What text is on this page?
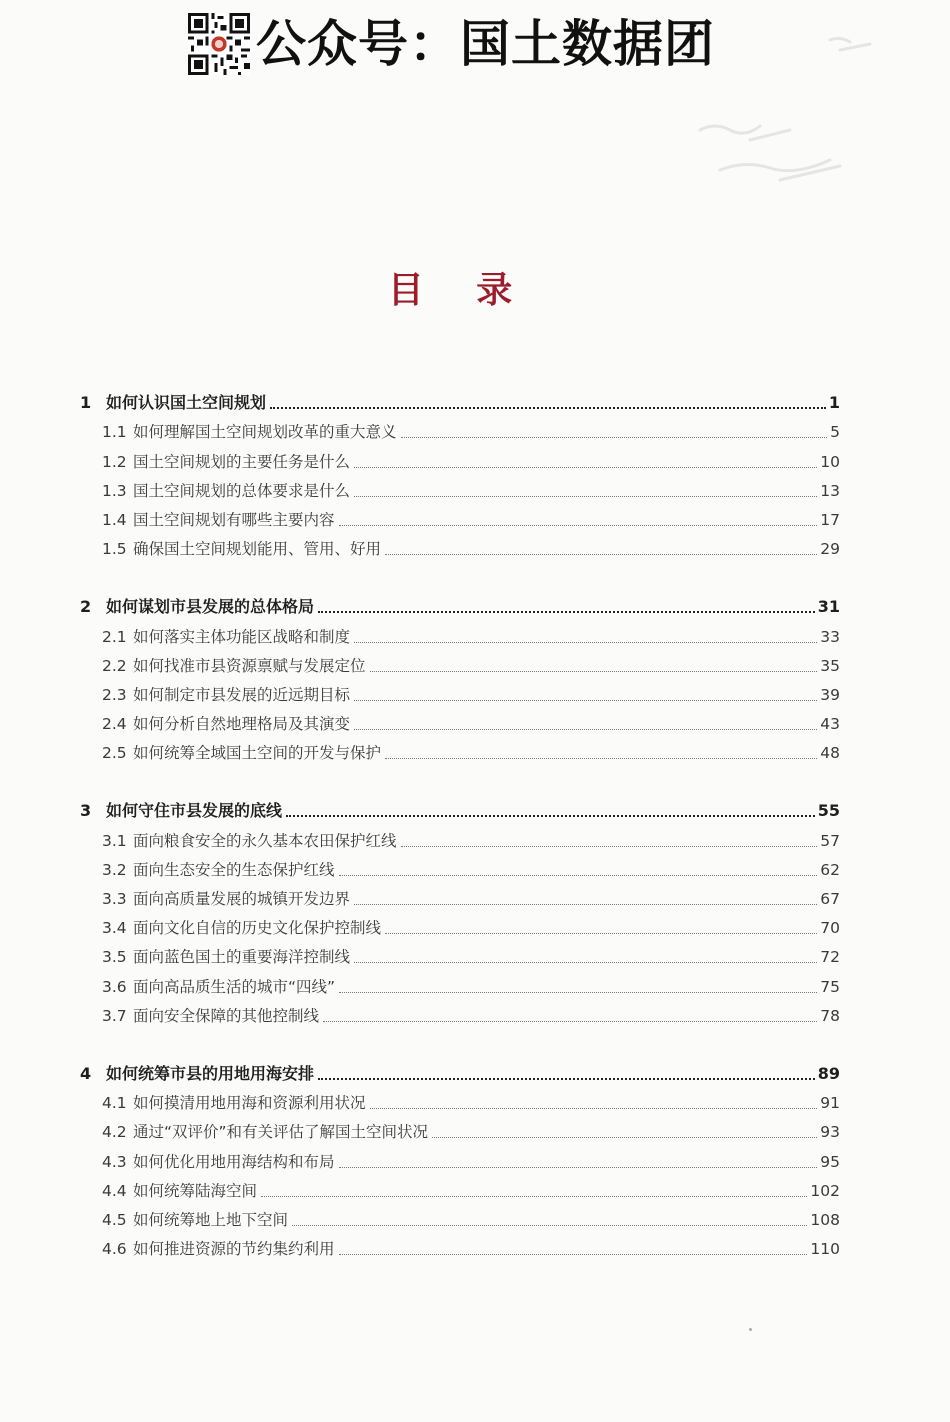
公众号：国土数据团
目 录
1 如何认识国土空间规划	1
1.1 如何理解国土空间规划改革的重大意义	5
1.2 国土空间规划的主要任务是什么	10
1.3 国土空间规划的总体要求是什么	13
1.4 国土空间规划有哪些主要内容	17
1.5 确保国土空间规划能用、管用、好用	29
2 如何谋划市县发展的总体格局	31
2.1 如何落实主体功能区战略和制度	33
2.2 如何找准市县资源禀赋与发展定位	35
2.3 如何制定市县发展的近远期目标	39
2.4 如何分析自然地理格局及其演变	43
2.5 如何统筹全域国土空间的开发与保护	48
3 如何守住市县发展的底线	55
3.1 面向粮食安全的永久基本农田保护红线	57
3.2 面向生态安全的生态保护红线	62
3.3 面向高质量发展的城镇开发边界	67
3.4 面向文化自信的历史文化保护控制线	70
3.5 面向蓝色国土的重要海洋控制线	72
3.6 面向高品质生活的城市“四线”	75
3.7 面向安全保障的其他控制线	78
4 如何统筹市县的用地用海安排	89
4.1 如何摸清用地用海和资源利用状况	91
4.2 通过“双评价”和有关评估了解国土空间状况	93
4.3 如何优化用地用海结构和布局	95
4.4 如何统筹陆海空间	102
4.5 如何统筹地上地下空间	108
4.6 如何推进资源的节约集约利用	110
